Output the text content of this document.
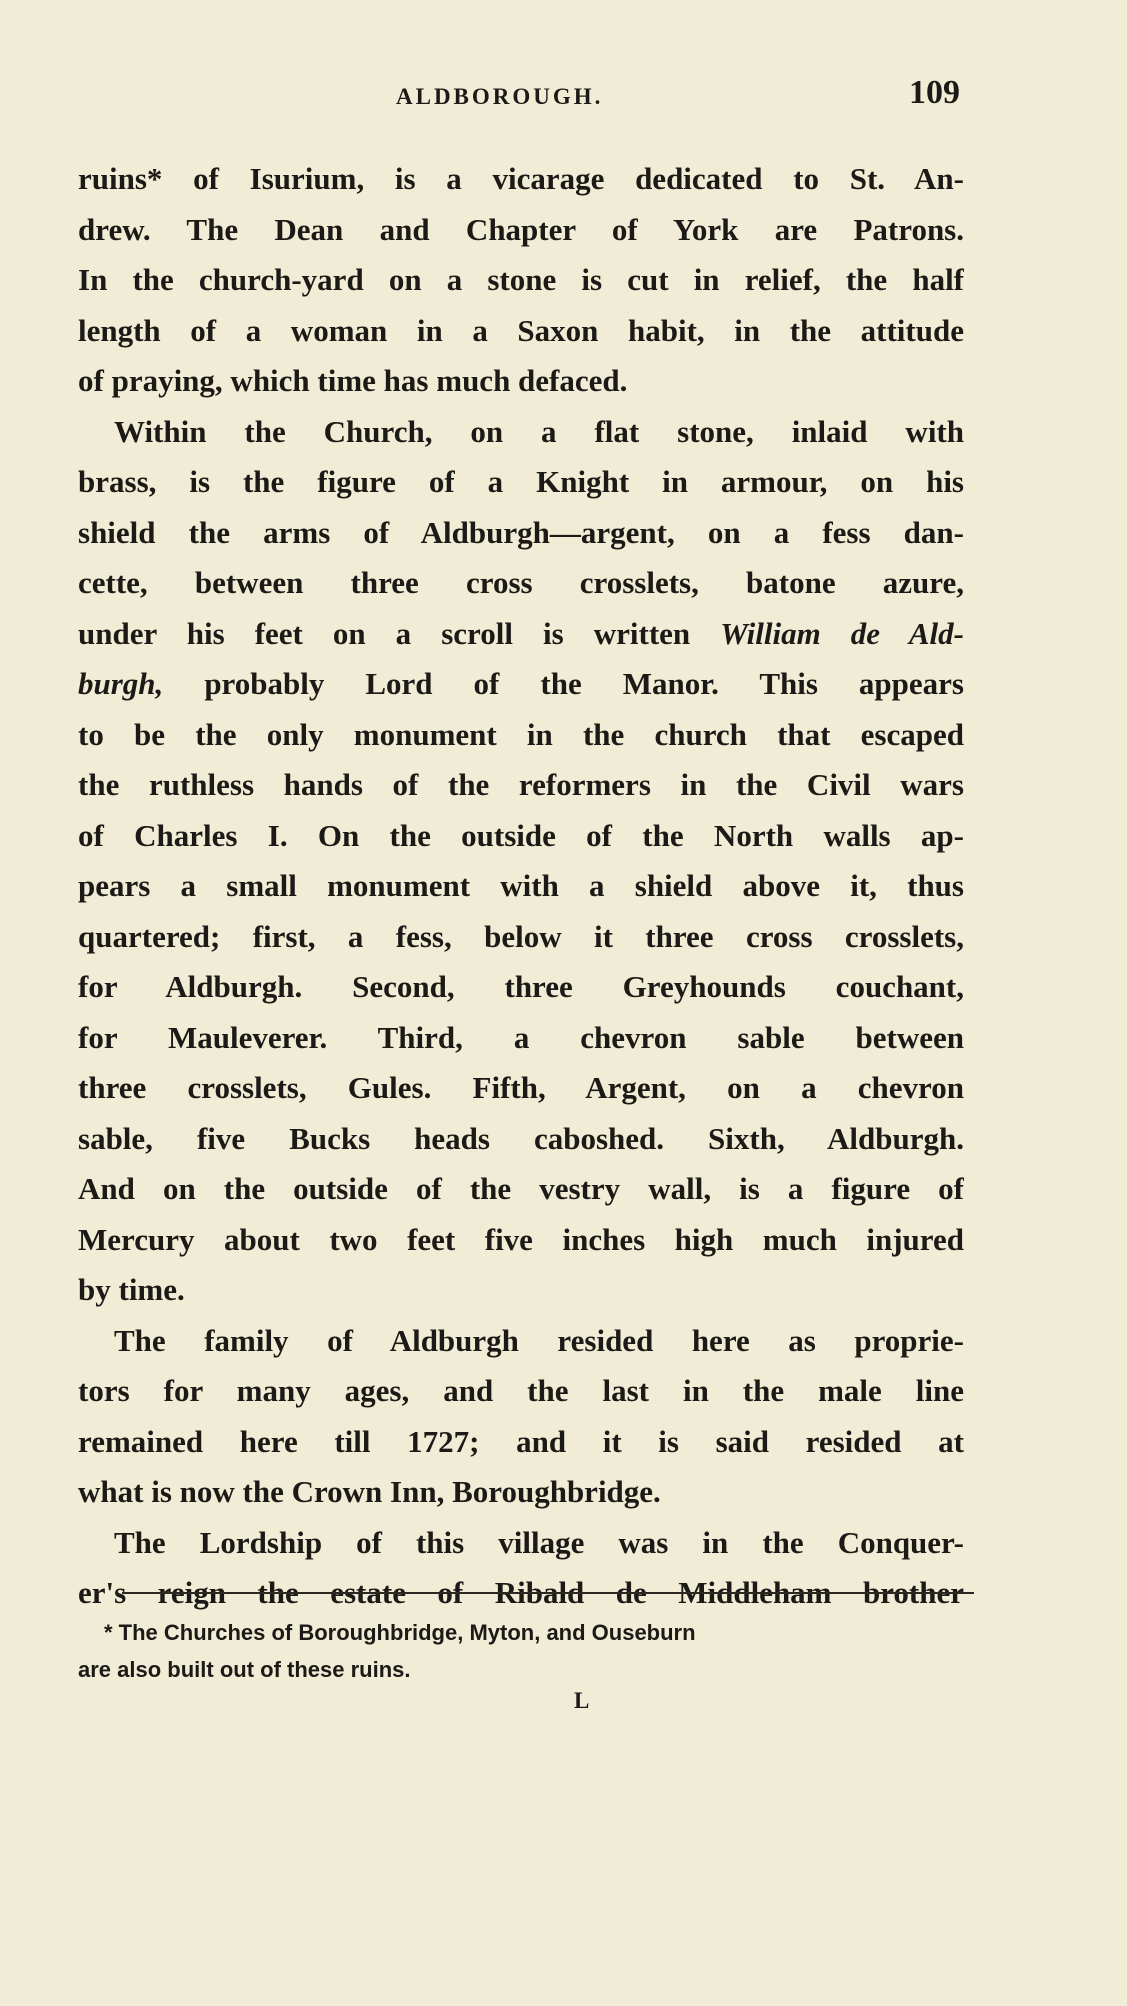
ALDBOROUGH.	109
ruins* of Isurium, is a vicarage dedicated to St. An-
drew. The Dean and Chapter of York are Patrons.
In the church-yard on a stone is cut in relief, the half
length of a woman in a Saxon habit, in the attitude
of praying, which time has much defaced.
Within the Church, on a flat stone, inlaid with
brass, is the figure of a Knight in armour, on his
shield the arms of Aldburgh—argent, on a fess dan-
cette, between three cross crosslets, batone azure,
under his feet on a scroll is written William de Ald-
burgh, probably Lord of the Manor. This appears
to be the only monument in the church that escaped
the ruthless hands of the reformers in the Civil wars
of Charles I. On the outside of the North walls ap-
pears a small monument with a shield above it, thus
quartered; first, a fess, below it three cross crosslets,
for Aldburgh. Second, three Greyhounds couchant,
for Mauleverer. Third, a chevron sable between
three crosslets, Gules. Fifth, Argent, on a chevron
sable, five Bucks heads caboshed. Sixth, Aldburgh.
And on the outside of the vestry wall, is a figure of
Mercury about two feet five inches high much injured
by time.
The family of Aldburgh resided here as proprie-
tors for many ages, and the last in the male line
remained here till 1727; and it is said resided at
what is now the Crown Inn, Boroughbridge.
The Lordship of this village was in the Conquer-
er's reign the estate of Ribald de Middleham brother
* The Churches of Boroughbridge, Myton, and Ouseburn
are also built out of these ruins.
L
